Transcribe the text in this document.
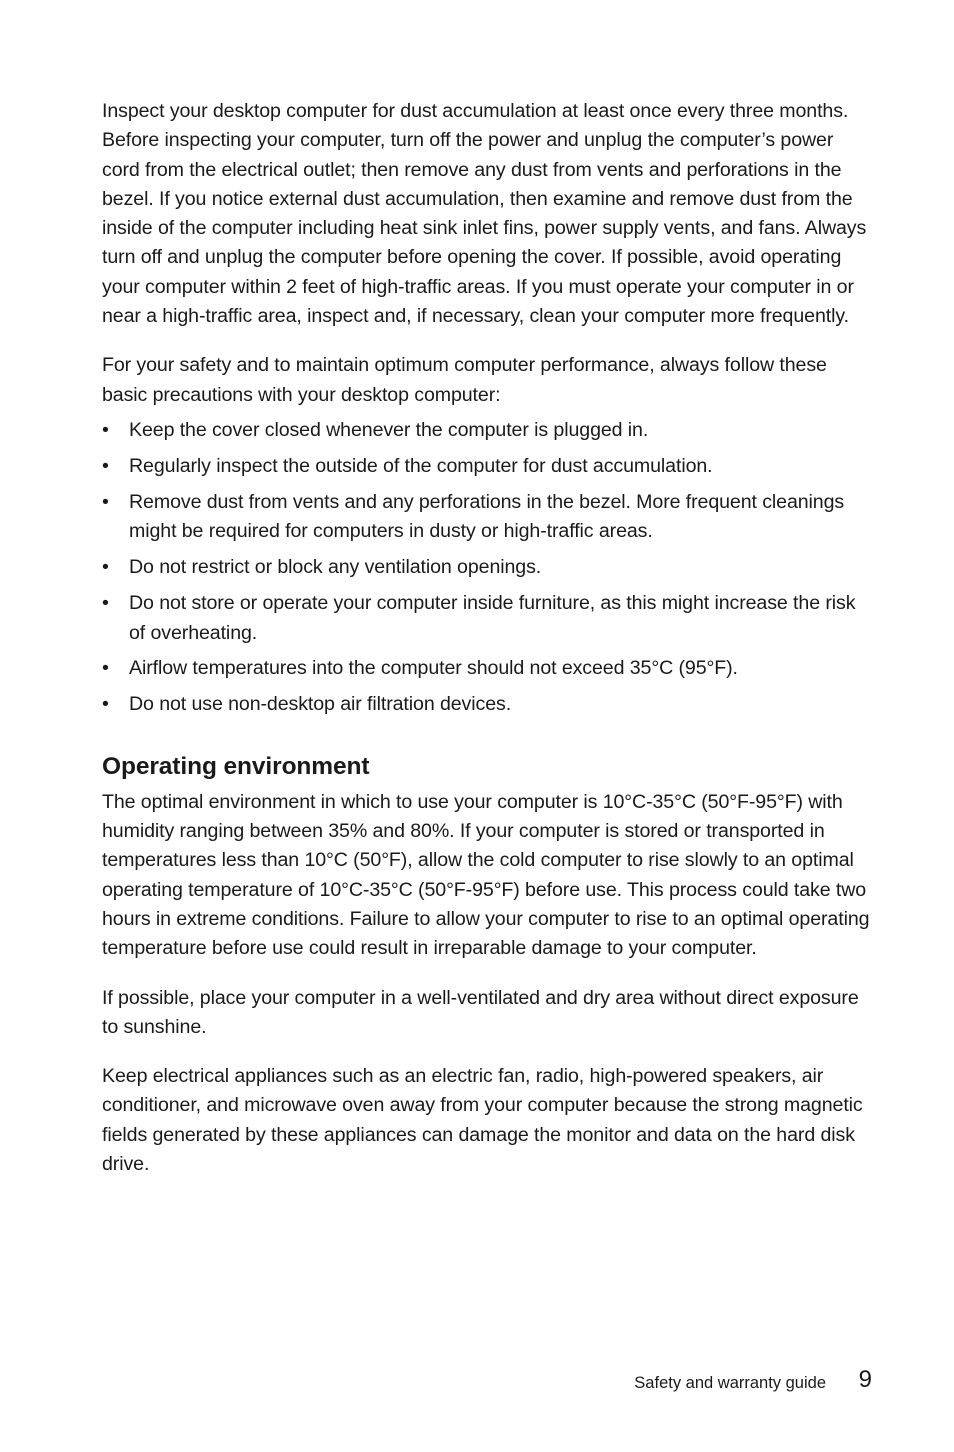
Inspect your desktop computer for dust accumulation at least once every three months. Before inspecting your computer, turn off the power and unplug the computer’s power cord from the electrical outlet; then remove any dust from vents and perforations in the bezel. If you notice external dust accumulation, then examine and remove dust from the inside of the computer including heat sink inlet fins, power supply vents, and fans. Always turn off and unplug the computer before opening the cover. If possible, avoid operating your computer within 2 feet of high-traffic areas. If you must operate your computer in or near a high-traffic area, inspect and, if necessary, clean your computer more frequently.

For your safety and to maintain optimum computer performance, always follow these basic precautions with your desktop computer:

• Keep the cover closed whenever the computer is plugged in.
• Regularly inspect the outside of the computer for dust accumulation.
• Remove dust from vents and any perforations in the bezel. More frequent cleanings might be required for computers in dusty or high-traffic areas.
• Do not restrict or block any ventilation openings.
• Do not store or operate your computer inside furniture, as this might increase the risk of overheating.
• Airflow temperatures into the computer should not exceed 35°C (95°F).
• Do not use non-desktop air filtration devices.
Operating environment

The optimal environment in which to use your computer is 10°C-35°C (50°F-95°F) with humidity ranging between 35% and 80%. If your computer is stored or transported in temperatures less than 10°C (50°F), allow the cold computer to rise slowly to an optimal operating temperature of 10°C-35°C (50°F-95°F) before use. This process could take two hours in extreme conditions. Failure to allow your computer to rise to an optimal operating temperature before use could result in irreparable damage to your computer.

If possible, place your computer in a well-ventilated and dry area without direct exposure to sunshine.

Keep electrical appliances such as an electric fan, radio, high-powered speakers, air conditioner, and microwave oven away from your computer because the strong magnetic fields generated by these appliances can damage the monitor and data on the hard disk drive.

Safety and warranty guide 9
